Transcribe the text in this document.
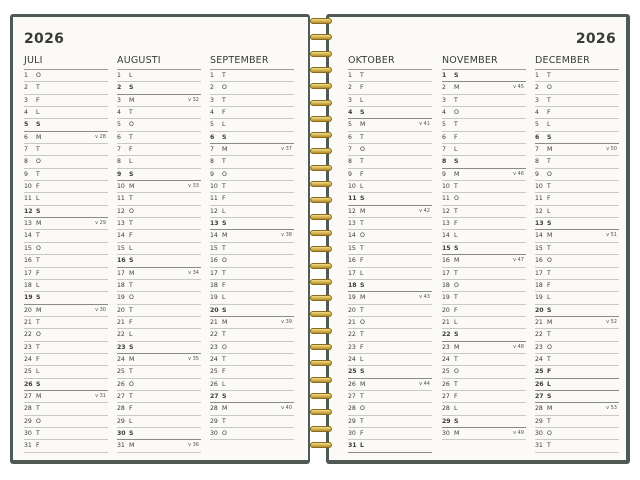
2026
JULI
1 O
2 T
3 F
4 L
5 S
6 M	v 28
7 T
8 O
9 T
10 F
11 L
12 S
13 M	v 29
14 T
15 O
16 T
17 F
18 L
19 S
20 M	v 30
21 T
22 O
23 T
24 F
25 L
26 S
27 M	v 31
28 T
29 O
30 T
31 F
AUGUSTI
1 L
2 S
3 M	v 32
4 T
5 O
6 T
7 F
8 L
9 S
10 M	v 33
11 T
12 O
13 T
14 F
15 L
16 S
17 M	v 34
18 T
19 O
20 T
21 F
22 L
23 S
24 M	v 35
25 T
26 O
27 T
28 F
29 L
30 S
31 M	v 36
SEPTEMBER
1 T
2 O
3 T
4 F
5 L
6 S
7 M	v 37
8 T
9 O
10 T
11 F
12 L
13 S
14 M	v 38
15 T
16 O
17 T
18 F
19 L
20 S
21 M	v 39
22 T
23 O
24 T
25 F
26 L
27 S
28 M	v 40
29 T
30 O
2026
OKTOBER
1 T
2 F
3 L
4 S
5 M	v 41
6 T
7 O
8 T
9 F
10 L
11 S
12 M	v 42
13 T
14 O
15 T
16 F
17 L
18 S
19 M	v 43
20 T
21 O
22 T
23 F
24 L
25 S
26 M	v 44
27 T
28 O
29 T
30 F
31 L
NOVEMBER
1 S
2 M	v 45
3 T
4 O
5 T
6 F
7 L
8 S
9 M	v 46
10 T
11 O
12 T
13 F
14 L
15 S
16 M	v 47
17 T
18 O
19 T
20 F
21 L
22 S
23 M	v 48
24 T
25 O
26 T
27 F
28 L
29 S
30 M	v 49
DECEMBER
1 T
2 O
3 T
4 F
5 L
6 S
7 M	v 50
8 T
9 O
10 T
11 F
12 L
13 S
14 M	v 51
15 T
16 O
17 T
18 F
19 L
20 S
21 M	v 52
22 T
23 O
24 T
25 F
26 L
27 S
28 M	v 53
29 T
30 O
31 T
